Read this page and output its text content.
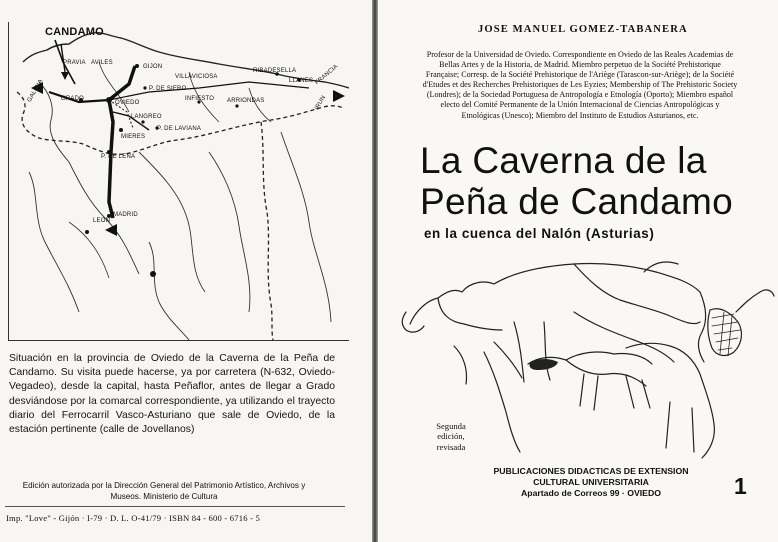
CANDAMO
PRAVIA AVILES
GIJON
VILLAVICIOSA
RIBADESELLA
LLANES FRANCIA
IRUN
GALICIA	GRADO
OVIEDO
P. DE SIERO
INFIESTO ARRIONDAS
LANGREO
P. DE LAVIANA
MIERES
P. DE LENA
LEON
MADRID
Situación en la provincia de Oviedo de la Caverna de la Peña de Candamo. Su visita puede hacerse, ya por carretera (N-632, Oviedo-Vegadeo), desde la capital, hasta Peñaflor, antes de llegar a Grado desviándose por la comarcal correspondiente, ya utilizando el trayecto diario del Ferrocarril Vasco-Asturiano que sale de Oviedo, de la estación pertinente (calle de Jovellanos)
Edición autorizada por la Dirección General del Patrimonio Artístico, Archivos y Museos. Ministerio de Cultura
Imp. "Love" - Gijón · I-79 · D. L. O-41/79 · ISBN 84 - 600 - 6716 - 5
JOSE MANUEL GOMEZ-TABANERA
Profesor de la Universidad de Oviedo. Correspondiente en Oviedo de las Reales Academias de Bellas Artes y de la Historia, de Madrid. Miembro perpetuo de la Société Prehistorique Française; Corresp. de la Société Prehistorique de l'Ariège (Tarascon-sur-Ariège); de la Société d'Etudes et des Recherches Prehistoriques de Les Eyzies; Membership of The Prehistoric Society (Londres); de la Sociedad Portuguesa de Antropología e Etnología (Oporto); Miembro español electo del Comité Permanente de la Unión Internacional de Ciencias Antropológicas y Etnológicas (Unesco); Miembro del Instituto de Estudios Asturianos, etc.
La Caverna de la
Peña de Candamo
en la cuenca del Nalón (Asturias)
Segunda
edición,
revisada
PUBLICACIONES DIDACTICAS DE EXTENSION
CULTURAL UNIVERSITARIA
Apartado de Correos 99 · OVIEDO	1
